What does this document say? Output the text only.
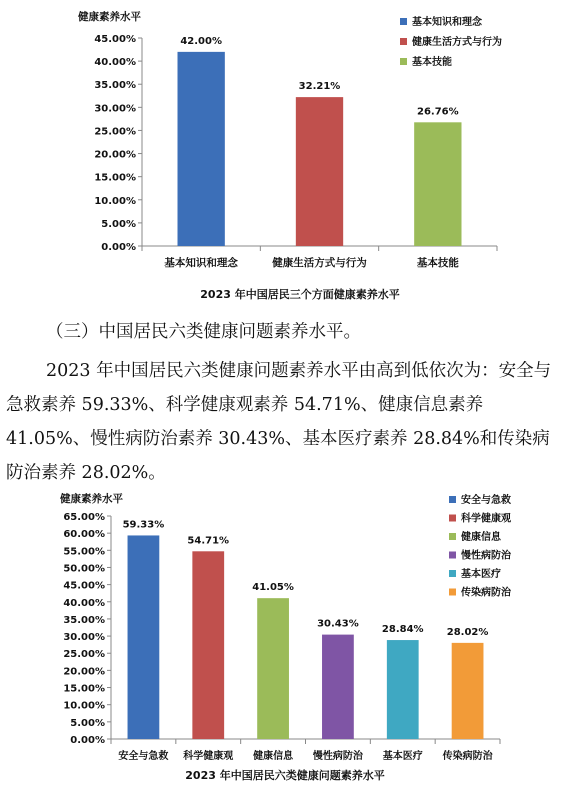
健康素养水平
0.00%
5.00%
10.00%
15.00%
20.00%
25.00%
30.00%
35.00%
40.00%
45.00%	42.00%
基本知识和理念
32.21%
健康生活方式与行为
26.76%
基本技能
基本知识和理念
健康生活方式与行为
基本技能
2023 年中国居民三个方面健康素养水平
（三）中国居民六类健康问题素养水平。
2023 年中国居民六类健康问题素养水平由高到低依次为：安全与急救素养 59.33%、科学健康观素养 54.71%、健康信息素养 41.05%、慢性病防治素养 30.43%、基本医疗素养 28.84%和传染病防治素养 28.02%。
健康素养水平
0.00%
5.00%
10.00%
15.00%
20.00%
25.00%
30.00%
35.00%
40.00%
45.00%
50.00%
55.00%
60.00%
65.00%
59.33%
安全与急救
54.71%
科学健康观
41.05%
健康信息
30.43%
慢性病防治
28.84%
基本医疗
28.02%
传染病防治
安全与急救
科学健康观
健康信息
慢性病防治
基本医疗
传染病防治
2023 年中国居民六类健康问题素养水平
